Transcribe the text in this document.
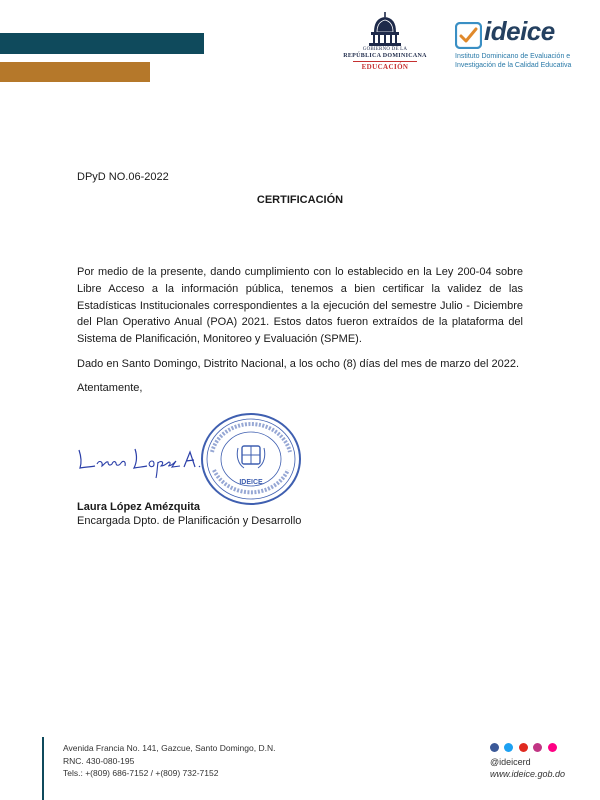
GOBIERNO DE LA
REPÚBLICA DOMINICANA
EDUCACIÓN
ideice
Instituto Dominicano de Evaluación e
Investigación de la Calidad Educativa
DPyD NO.06-2022
CERTIFICACIÓN
Por medio de la presente, dando cumplimiento con lo establecido en la Ley 200-04 sobre Libre Acceso a la información pública, tenemos a bien certificar la validez de las Estadísticas Institucionales correspondientes a la ejecución del semestre Julio - Diciembre del Plan Operativo Anual (POA) 2021. Estos datos fueron extraídos de la plataforma del Sistema de Planificación, Monitoreo y Evaluación (SPME).
Dado en Santo Domingo, Distrito Nacional, a los ocho (8) días del mes de marzo del 2022.
Atentamente,
IDEICE
Laura López Amézquita
Encargada Dpto. de Planificación y Desarrollo
Avenida Francia No. 141, Gazcue, Santo Domingo, D.N.
RNC. 430-080-195
Tels.: +(809) 686-7152 / +(809) 732-7152

@ideicerd
www.ideice.gob.do
